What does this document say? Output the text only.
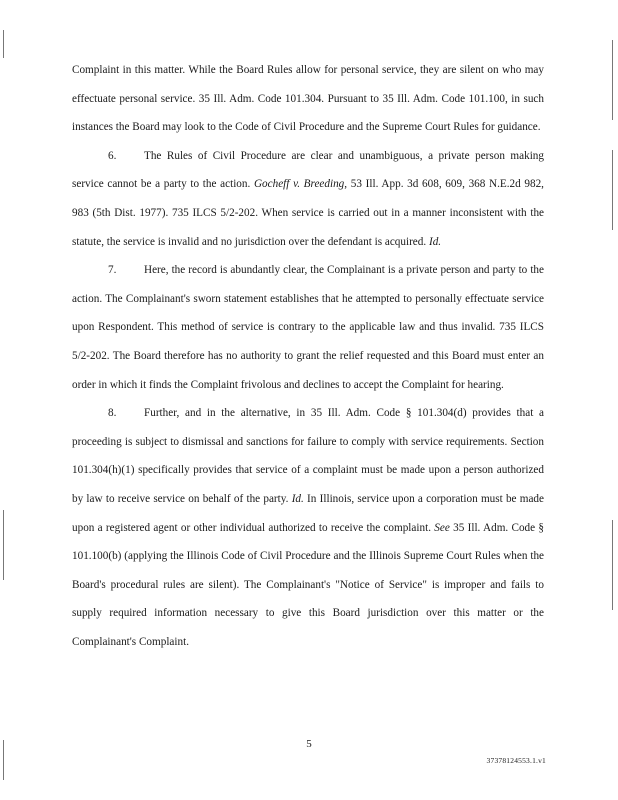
Complaint in this matter. While the Board Rules allow for personal service, they are silent on who may effectuate personal service. 35 Ill. Adm. Code 101.304. Pursuant to 35 Ill. Adm. Code 101.100, in such instances the Board may look to the Code of Civil Procedure and the Supreme Court Rules for guidance.

6. The Rules of Civil Procedure are clear and unambiguous, a private person making service cannot be a party to the action. Gocheff v. Breeding, 53 Ill. App. 3d 608, 609, 368 N.E.2d 982, 983 (5th Dist. 1977). 735 ILCS 5/2-202. When service is carried out in a manner inconsistent with the statute, the service is invalid and no jurisdiction over the defendant is acquired. Id.

7. Here, the record is abundantly clear, the Complainant is a private person and party to the action. The Complainant's sworn statement establishes that he attempted to personally effectuate service upon Respondent. This method of service is contrary to the applicable law and thus invalid. 735 ILCS 5/2-202. The Board therefore has no authority to grant the relief requested and this Board must enter an order in which it finds the Complaint frivolous and declines to accept the Complaint for hearing.

8. Further, and in the alternative, in 35 Ill. Adm. Code § 101.304(d) provides that a proceeding is subject to dismissal and sanctions for failure to comply with service requirements. Section 101.304(h)(1) specifically provides that service of a complaint must be made upon a person authorized by law to receive service on behalf of the party. Id. In Illinois, service upon a corporation must be made upon a registered agent or other individual authorized to receive the complaint. See 35 Ill. Adm. Code § 101.100(b) (applying the Illinois Code of Civil Procedure and the Illinois Supreme Court Rules when the Board's procedural rules are silent). The Complainant's "Notice of Service" is improper and fails to supply required information necessary to give this Board jurisdiction over this matter or the Complainant's Complaint.

5
37378124553.1.v1
